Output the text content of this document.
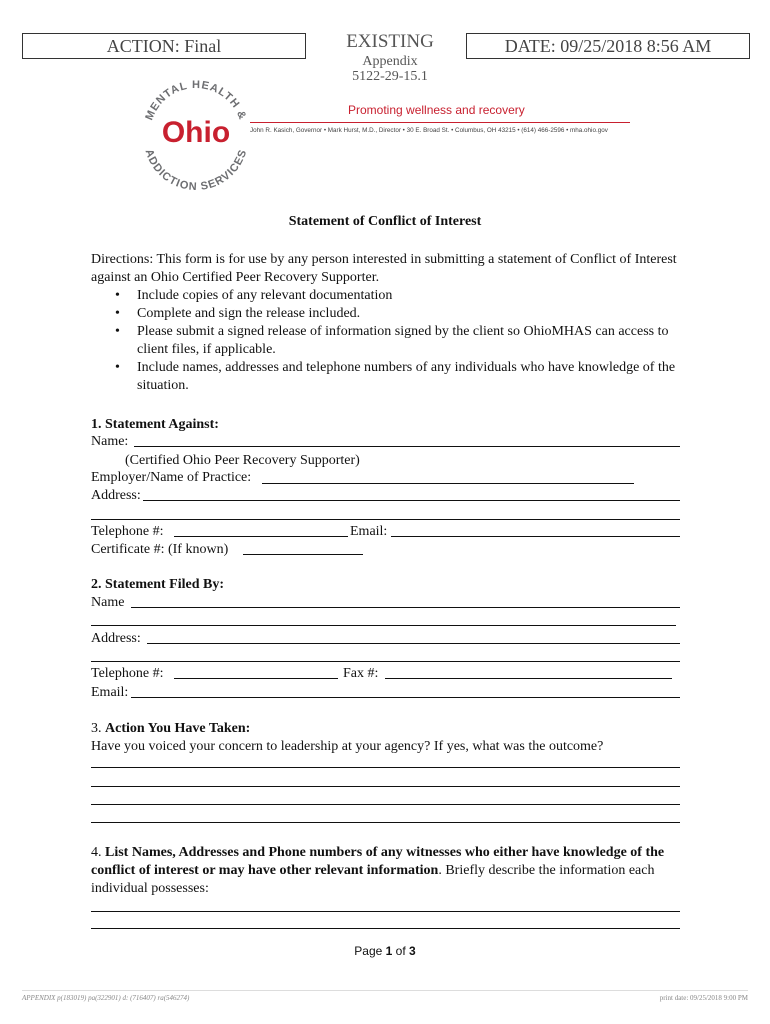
ACTION: Final	EXISTING
Appendix
5122-29-15.1
DATE: 09/25/2018 8:56 AM
MENTAL HEALTH &
ADDICTION SERVICES
Ohio
Promoting wellness and recovery
John R. Kasich, Governor • Mark Hurst, M.D., Director • 30 E. Broad St. • Columbus, OH 43215 • (614) 466-2596 • mha.ohio.gov
Statement of Conflict of Interest
Directions: This form is for use by any person interested in submitting a statement of Conflict of Interest against an Ohio Certified Peer Recovery Supporter.
• Include copies of any relevant documentation
• Complete and sign the release included.
• Please submit a signed release of information signed by the client so OhioMHAS can access to client files, if applicable.
• Include names, addresses and telephone numbers of any individuals who have knowledge of the situation.
1. Statement Against:
Name:
(Certified Ohio Peer Recovery Supporter)
Employer/Name of Practice:
Address:
Telephone #:	Email:
Certificate #: (If known)
2. Statement Filed By:
Name
Address:
Telephone #:	Fax #:
Email:
3. Action You Have Taken:
Have you voiced your concern to leadership at your agency? If yes, what was the outcome?
4. List Names, Addresses and Phone numbers of any witnesses who either have knowledge of the conflict of interest or may have other relevant information. Briefly describe the information each individual possesses:
Page 1 of 3
APPENDIX p(183019) pa(322901) d: (716407) ra(546274)	print date: 09/25/2018 9:00 PM
